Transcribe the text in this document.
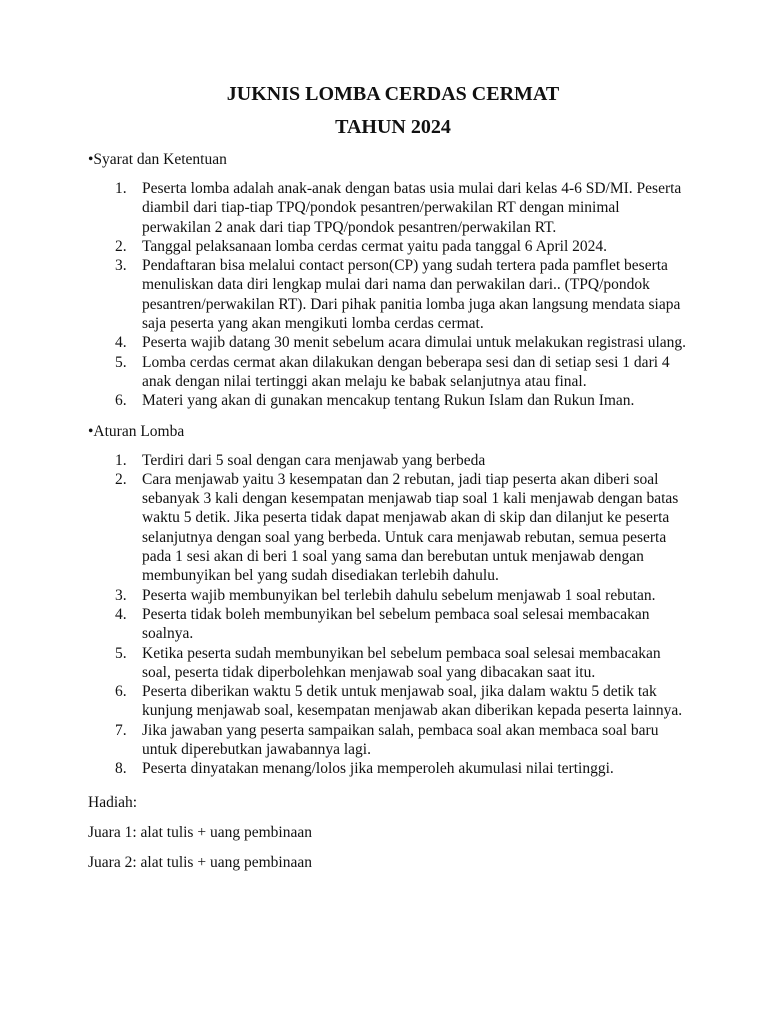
JUKNIS LOMBA CERDAS CERMAT
TAHUN 2024
•Syarat dan Ketentuan
1. Peserta lomba adalah anak-anak dengan batas usia mulai dari kelas 4-6 SD/MI. Peserta diambil dari tiap-tiap TPQ/pondok pesantren/perwakilan RT dengan minimal perwakilan 2 anak dari tiap TPQ/pondok pesantren/perwakilan RT.
2. Tanggal pelaksanaan lomba cerdas cermat yaitu pada tanggal 6 April 2024.
3. Pendaftaran bisa melalui contact person(CP) yang sudah tertera pada pamflet beserta menuliskan data diri lengkap mulai dari nama dan perwakilan dari.. (TPQ/pondok pesantren/perwakilan RT). Dari pihak panitia lomba juga akan langsung mendata siapa saja peserta yang akan mengikuti lomba cerdas cermat.
4. Peserta wajib datang 30 menit sebelum acara dimulai untuk melakukan registrasi ulang.
5. Lomba cerdas cermat akan dilakukan dengan beberapa sesi dan di setiap sesi 1 dari 4 anak dengan nilai tertinggi akan melaju ke babak selanjutnya atau final.
6. Materi yang akan di gunakan mencakup tentang Rukun Islam dan Rukun Iman.
•Aturan Lomba
1. Terdiri dari 5 soal dengan cara menjawab yang berbeda
2. Cara menjawab yaitu 3 kesempatan dan 2 rebutan, jadi tiap peserta akan diberi soal sebanyak 3 kali dengan kesempatan menjawab tiap soal 1 kali menjawab dengan batas waktu 5 detik. Jika peserta tidak dapat menjawab akan di skip dan dilanjut ke peserta selanjutnya dengan soal yang berbeda. Untuk cara menjawab rebutan, semua peserta pada 1 sesi akan di beri 1 soal yang sama dan berebutan untuk menjawab dengan membunyikan bel yang sudah disediakan terlebih dahulu.
3. Peserta wajib membunyikan bel terlebih dahulu sebelum menjawab 1 soal rebutan.
4. Peserta tidak boleh membunyikan bel sebelum pembaca soal selesai membacakan soalnya.
5. Ketika peserta sudah membunyikan bel sebelum pembaca soal selesai membacakan soal, peserta tidak diperbolehkan menjawab soal yang dibacakan saat itu.
6. Peserta diberikan waktu 5 detik untuk menjawab soal, jika dalam waktu 5 detik tak kunjung menjawab soal, kesempatan menjawab akan diberikan kepada peserta lainnya.
7. Jika jawaban yang peserta sampaikan salah, pembaca soal akan membaca soal baru untuk diperebutkan jawabannya lagi.
8. Peserta dinyatakan menang/lolos jika memperoleh akumulasi nilai tertinggi.

Hadiah:

Juara 1: alat tulis + uang pembinaan

Juara 2: alat tulis + uang pembinaan
